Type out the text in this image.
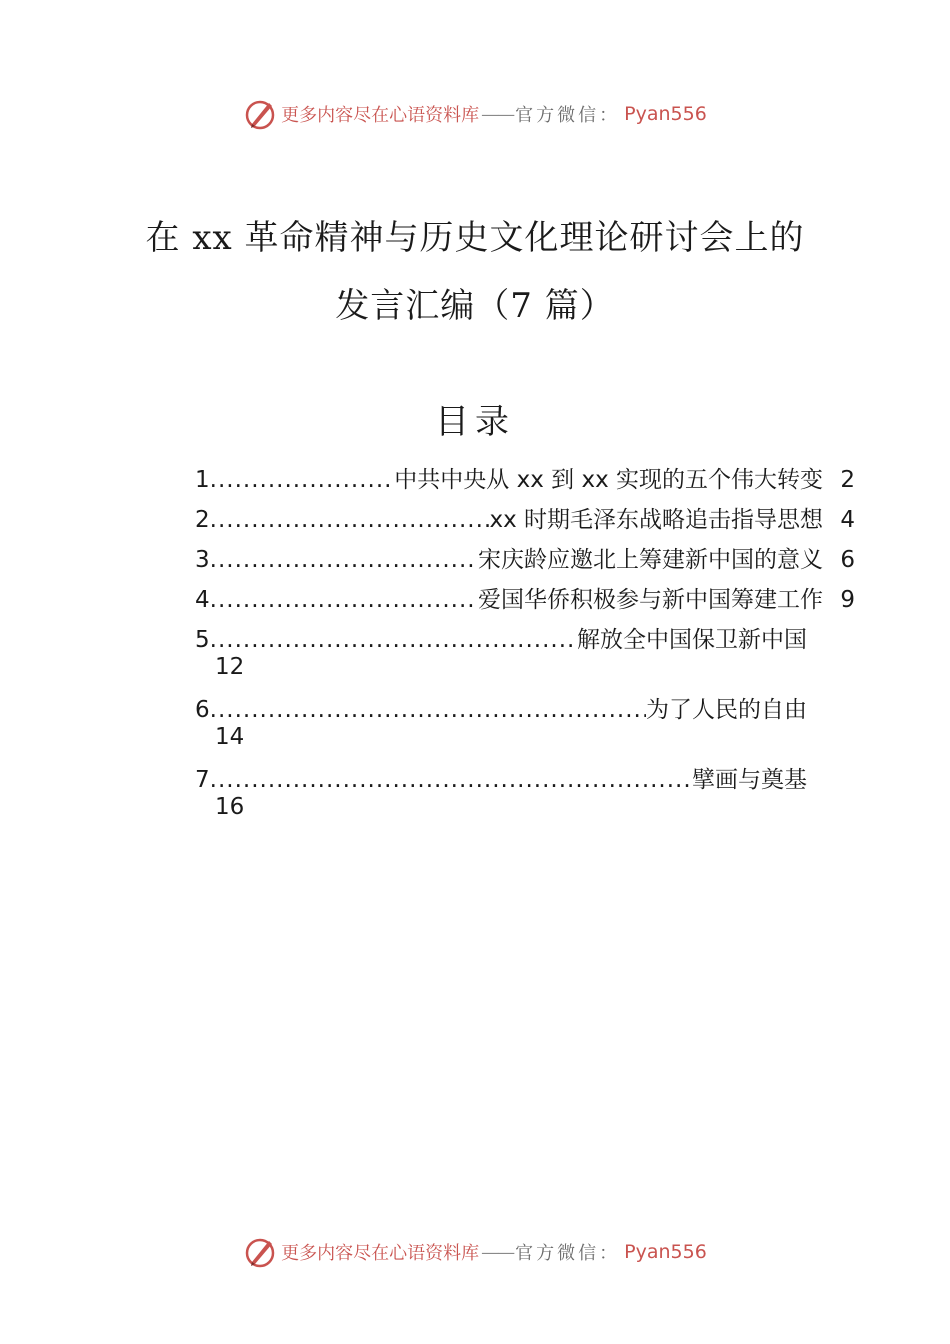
更多内容尽在心语资料库 —— 官方微信： Pyan556
在 xx 革命精神与历史文化理论研讨会上的
发言汇编（7 篇）
目录
1 .....	中共中央从 xx 到 xx 实现的五个伟大转变 2
2 .....	xx 时期毛泽东战略追击指导思想 4
3 .....	宋庆龄应邀北上筹建新中国的意义 6
4 .....	爱国华侨积极参与新中国筹建工作 9
5 .....	解放全中国保卫新中国
12
6 .....	为了人民的自由
14
7 .....	擘画与奠基
16
更多内容尽在心语资料库 —— 官方微信： Pyan556
